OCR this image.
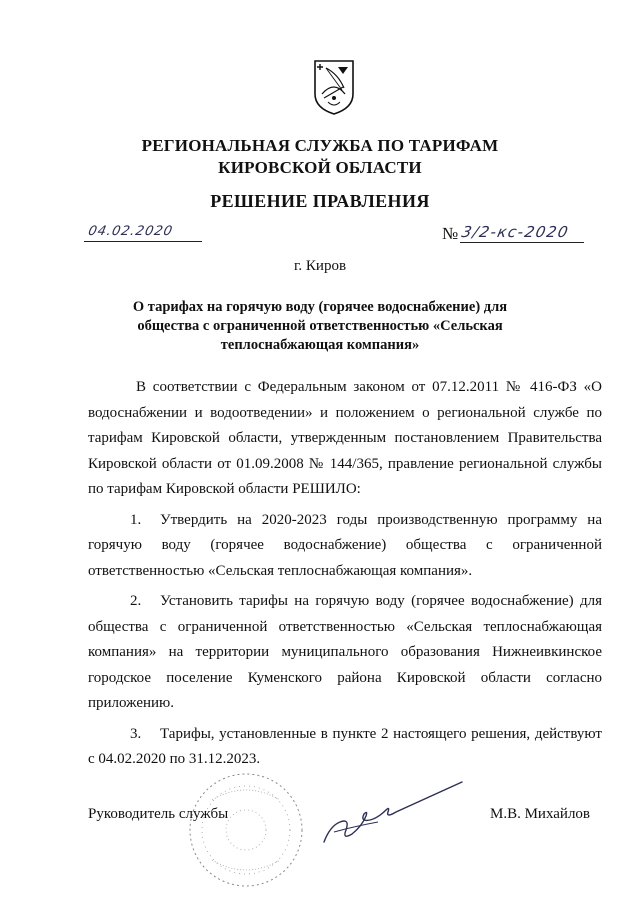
РЕГИОНАЛЬНАЯ СЛУЖБА ПО ТАРИФАМ
КИРОВСКОЙ ОБЛАСТИ
РЕШЕНИЕ ПРАВЛЕНИЯ
04.02.2020	№ 3/2-кс-2020
г. Киров
О тарифах на горячую воду (горячее водоснабжение) для общества с ограниченной ответственностью «Сельская теплоснабжающая компания»

В соответствии с Федеральным законом от 07.12.2011 № 416-ФЗ «О водоснабжении и водоотведении» и положением о региональной службе по тарифам Кировской области, утвержденным постановлением Правительства Кировской области от 01.09.2008 № 144/365, правление региональной службы по тарифам Кировской области РЕШИЛО:

1. Утвердить на 2020-2023 годы производственную программу на горячую воду (горячее водоснабжение) общества с ограниченной ответственностью «Сельская теплоснабжающая компания».

2. Установить тарифы на горячую воду (горячее водоснабжение) для общества с ограниченной ответственностью «Сельская теплоснабжающая компания» на территории муниципального образования Нижнеивкинское городское поселение Куменского района Кировской области согласно приложению.

3. Тарифы, установленные в пункте 2 настоящего решения, действуют с 04.02.2020 по 31.12.2023.

Руководитель службы	М.В. Михайлов
